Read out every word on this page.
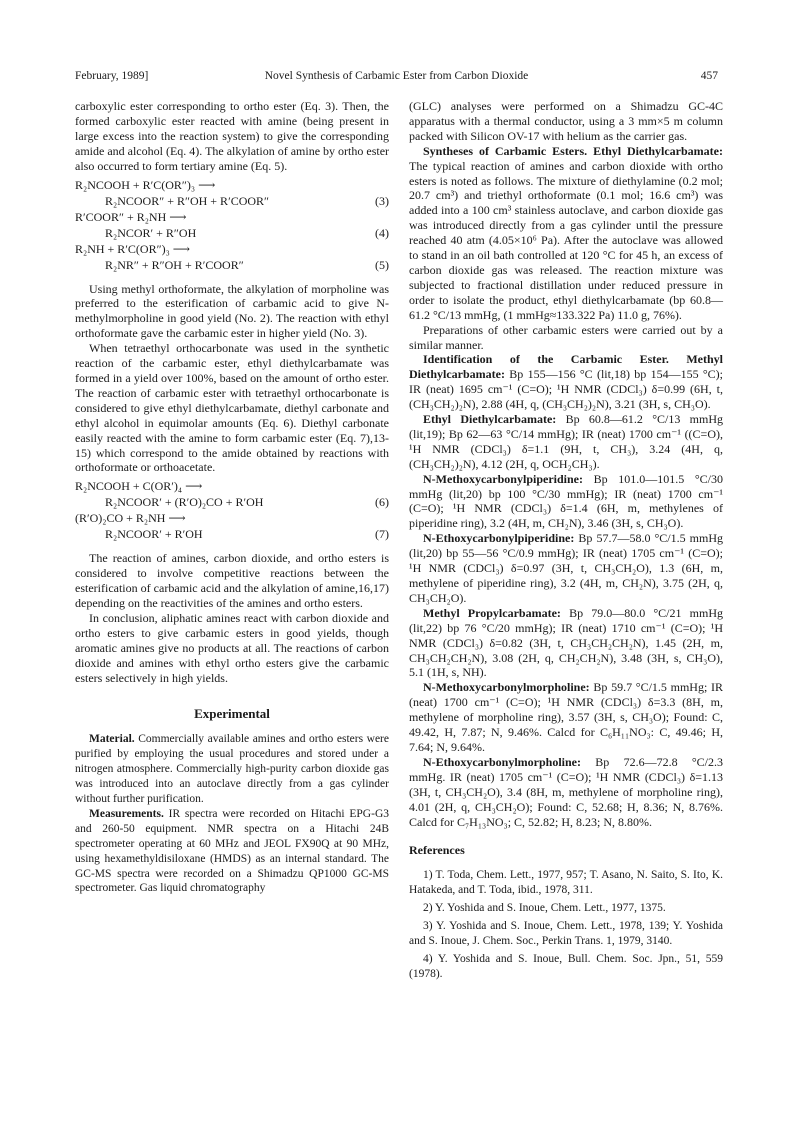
February, 1989]	Novel Synthesis of Carbamic Ester from Carbon Dioxide	457

carboxylic ester corresponding to ortho ester (Eq. 3). Then, the formed carboxylic ester reacted with amine (being present in large excess into the reaction system) to give the corresponding amide and alcohol (Eq. 4). The alkylation of amine by ortho ester also occurred to form tertiary amine (Eq. 5).

R₂NCOOH + R′C(OR″)₃ ⟶
R₂NCOOR″ + R″OH + R′COOR″	(3)
R′COOR″ + R₂NH ⟶
R₂NCOR′ + R″OH	(4)
R₂NH + R′C(OR″)₃ ⟶
R₂NR″ + R″OH + R′COOR″	(5)

Using methyl orthoformate, the alkylation of morpholine was preferred to the esterification of carbamic acid to give N-methylmorpholine in good yield (No. 2). The reaction with ethyl orthoformate gave the carbamic ester in higher yield (No. 3).

When tetraethyl orthocarbonate was used in the synthetic reaction of the carbamic ester, ethyl diethylcarbamate was formed in a yield over 100%, based on the amount of ortho ester. The reaction of carbamic ester with tetraethyl orthocarbonate is considered to give ethyl diethylcarbamate, diethyl carbonate and ethyl alcohol in equimolar amounts (Eq. 6). Diethyl carbonate easily reacted with the amine to form carbamic ester (Eq. 7),13-15) which correspond to the amide obtained by reactions with orthoformate or orthoacetate.

R₂NCOOH + C(OR′)₄ ⟶
R₂NCOOR′ + (R′O)₂CO + R′OH	(6)
(R′O)₂CO + R₂NH ⟶
R₂NCOOR′ + R′OH	(7)

The reaction of amines, carbon dioxide, and ortho esters is considered to involve competitive reactions between the esterification of carbamic acid and the alkylation of amine,16,17) depending on the reactivities of the amines and ortho esters.

In conclusion, aliphatic amines react with carbon dioxide and ortho esters to give carbamic esters in good yields, though aromatic amines give no products at all. The reactions of carbon dioxide and amines with ethyl ortho esters give the carbamic esters selectively in high yields.

Experimental

Material. Commercially available amines and ortho esters were purified by employing the usual procedures and stored under a nitrogen atmosphere. Commercially high-purity carbon dioxide gas was introduced into an autoclave directly from a gas cylinder without further purification.

Measurements. IR spectra were recorded on Hitachi EPG-G3 and 260-50 equipment. NMR spectra on a Hitachi 24B spectrometer operating at 60 MHz and JEOL FX90Q at 90 MHz, using hexamethyldisiloxane (HMDS) as an internal standard. The GC-MS spectra were recorded on a Shimadzu QP1000 GC-MS spectrometer. Gas liquid chromatography

(GLC) analyses were performed on a Shimadzu GC-4C apparatus with a thermal conductor, using a 3 mm×5 m column packed with Silicon OV-17 with helium as the carrier gas.

Syntheses of Carbamic Esters. Ethyl Diethylcarbamate: The typical reaction of amines and carbon dioxide with ortho esters is noted as follows. The mixture of diethylamine (0.2 mol; 20.7 cm³) and triethyl orthoformate (0.1 mol; 16.6 cm³) was added into a 100 cm³ stainless autoclave, and carbon dioxide gas was introduced directly from a gas cylinder until the pressure reached 40 atm (4.05×10⁶ Pa). After the autoclave was allowed to stand in an oil bath controlled at 120 °C for 45 h, an excess of carbon dioxide gas was released. The reaction mixture was subjected to fractional distillation under reduced pressure in order to isolate the product, ethyl diethylcarbamate (bp 60.8—61.2 °C/13 mmHg, (1 mmHg≈133.322 Pa) 11.0 g, 76%).

Preparations of other carbamic esters were carried out by a similar manner.

Identification of the Carbamic Ester. Methyl Diethylcarbamate: Bp 155—156 °C (lit,18) bp 154—155 °C); IR (neat) 1695 cm⁻¹ (C=O); ¹H NMR (CDCl₃) δ=0.99 (6H, t, (CH₃CH₂)₂N), 2.88 (4H, q, (CH₃CH₂)₂N), 3.21 (3H, s, CH₃O).

Ethyl Diethylcarbamate: Bp 60.8—61.2 °C/13 mmHg (lit,19); Bp 62—63 °C/14 mmHg); IR (neat) 1700 cm⁻¹ ((C=O), ¹H NMR (CDCl₃) δ=1.1 (9H, t, CH₃), 3.24 (4H, q, (CH₃CH₂)₂N), 4.12 (2H, q, OCH₂CH₃).

N-Methoxycarbonylpiperidine: Bp 101.0—101.5 °C/30 mmHg (lit,20) bp 100 °C/30 mmHg); IR (neat) 1700 cm⁻¹ (C=O); ¹H NMR (CDCl₃) δ=1.4 (6H, m, methylenes of piperidine ring), 3.2 (4H, m, CH₂N), 3.46 (3H, s, CH₃O).

N-Ethoxycarbonylpiperidine: Bp 57.7—58.0 °C/1.5 mmHg (lit,20) bp 55—56 °C/0.9 mmHg); IR (neat) 1705 cm⁻¹ (C=O); ¹H NMR (CDCl₃) δ=0.97 (3H, t, CH₃CH₂O), 1.3 (6H, m, methylene of piperidine ring), 3.2 (4H, m, CH₂N), 3.75 (2H, q, CH₃CH₂O).

Methyl Propylcarbamate: Bp 79.0—80.0 °C/21 mmHg (lit,22) bp 76 °C/20 mmHg); IR (neat) 1710 cm⁻¹ (C=O); ¹H NMR (CDCl₃) δ=0.82 (3H, t, CH₃CH₂CH₂N), 1.45 (2H, m, CH₃CH₂CH₂N), 3.08 (2H, q, CH₂CH₂N), 3.48 (3H, s, CH₃O), 5.1 (1H, s, NH).

N-Methoxycarbonylmorpholine: Bp 59.7 °C/1.5 mmHg; IR (neat) 1700 cm⁻¹ (C=O); ¹H NMR (CDCl₃) δ=3.3 (8H, m, methylene of morpholine ring), 3.57 (3H, s, CH₃O); Found: C, 49.42, H, 7.87; N, 9.46%. Calcd for C₆H₁₁NO₃: C, 49.46; H, 7.64; N, 9.64%.

N-Ethoxycarbonylmorpholine: Bp 72.6—72.8 °C/2.3 mmHg. IR (neat) 1705 cm⁻¹ (C=O); ¹H NMR (CDCl₃) δ=1.13 (3H, t, CH₃CH₂O), 3.4 (8H, m, methylene of morpholine ring), 4.01 (2H, q, CH₃CH₂O); Found: C, 52.68; H, 8.36; N, 8.76%. Calcd for C₇H₁₃NO₃; C, 52.82; H, 8.23; N, 8.80%.

References

1) T. Toda, Chem. Lett., 1977, 957; T. Asano, N. Saito, S. Ito, K. Hatakeda, and T. Toda, ibid., 1978, 311.

2) Y. Yoshida and S. Inoue, Chem. Lett., 1977, 1375.

3) Y. Yoshida and S. Inoue, Chem. Lett., 1978, 139; Y. Yoshida and S. Inoue, J. Chem. Soc., Perkin Trans. 1, 1979, 3140.

4) Y. Yoshida and S. Inoue, Bull. Chem. Soc. Jpn., 51, 559 (1978).
